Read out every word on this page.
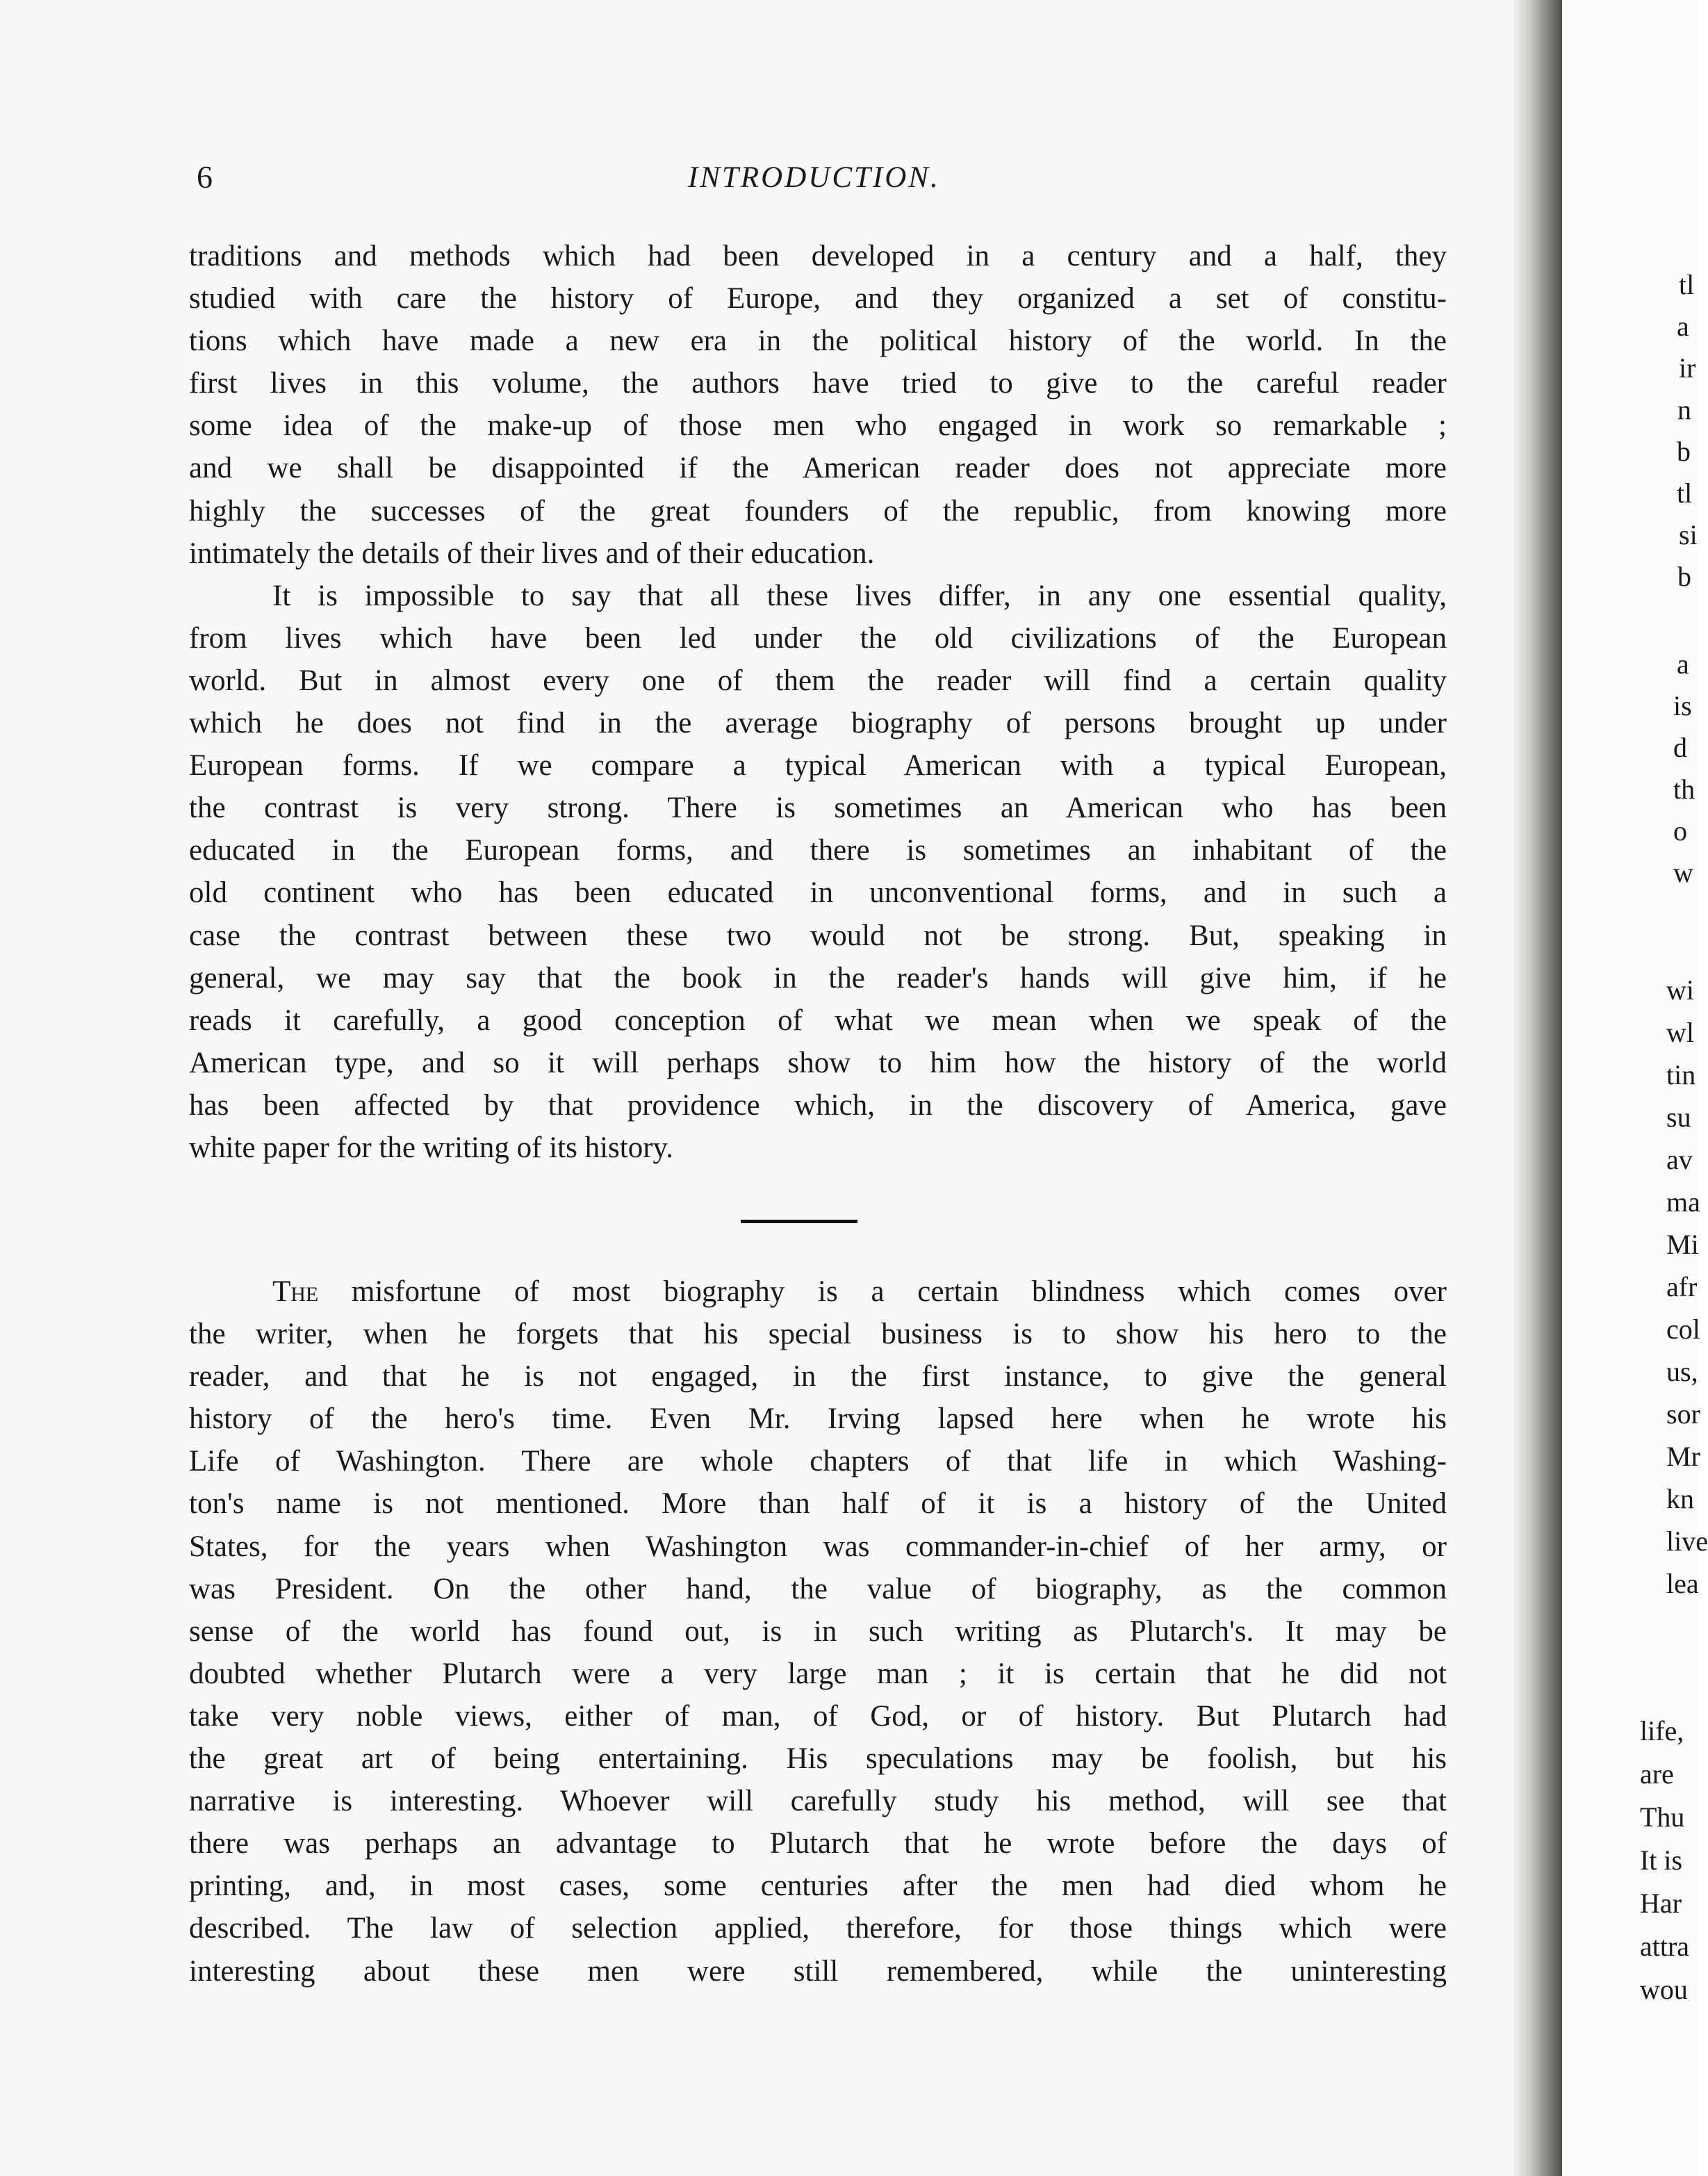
6	INTRODUCTION.
traditions and methods which had been developed in a century and a half, they
studied with care the history of Europe, and they organized a set of constitu-
tions which have made a new era in the political history of the world. In the
first lives in this volume, the authors have tried to give to the careful reader
some idea of the make-up of those men who engaged in work so remarkable ;
and we shall be disappointed if the American reader does not appreciate more
highly the successes of the great founders of the republic, from knowing more
intimately the details of their lives and of their education.
It is impossible to say that all these lives differ, in any one essential quality,
from lives which have been led under the old civilizations of the European
world. But in almost every one of them the reader will find a certain quality
which he does not find in the average biography of persons brought up under
European forms. If we compare a typical American with a typical European,
the contrast is very strong. There is sometimes an American who has been
educated in the European forms, and there is sometimes an inhabitant of the
old continent who has been educated in unconventional forms, and in such a
case the contrast between these two would not be strong. But, speaking in
general, we may say that the book in the reader's hands will give him, if he
reads it carefully, a good conception of what we mean when we speak of the
American type, and so it will perhaps show to him how the history of the world
has been affected by that providence which, in the discovery of America, gave
white paper for the writing of its history.
The misfortune of most biography is a certain blindness which comes over
the writer, when he forgets that his special business is to show his hero to the
reader, and that he is not engaged, in the first instance, to give the general
history of the hero's time. Even Mr. Irving lapsed here when he wrote his
Life of Washington. There are whole chapters of that life in which Washing-
ton's name is not mentioned. More than half of it is a history of the United
States, for the years when Washington was commander-in-chief of her army, or
was President. On the other hand, the value of biography, as the common
sense of the world has found out, is in such writing as Plutarch's. It may be
doubted whether Plutarch were a very large man ; it is certain that he did not
take very noble views, either of man, of God, or of history. But Plutarch had
the great art of being entertaining. His speculations may be foolish, but his
narrative is interesting. Whoever will carefully study his method, will see that
there was perhaps an advantage to Plutarch that he wrote before the days of
printing, and, in most cases, some centuries after the men had died whom he
described. The law of selection applied, therefore, for those things which were
interesting about these men were still remembered, while the uninteresting
tl
a
ir
n
b
tl
si
b
a
is
d
th
o
w
wi
wl
tin
su
av
ma
Mi
afr
col
us,
sor
Mr
kn
live
lea
life,
are
Thu
It is
Har
attra
wou
